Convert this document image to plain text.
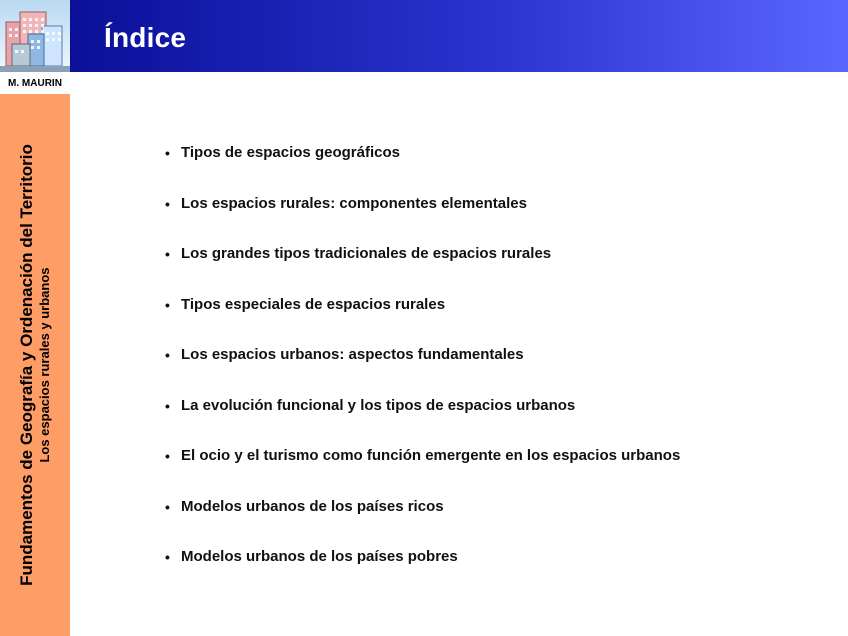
Índice
M. MAURIN
Fundamentos de Geografía y Ordenación del Territorio Los espacios rurales y urbanos
• Tipos de espacios geográficos
• Los espacios rurales: componentes elementales
• Los grandes tipos tradicionales de espacios rurales
• Tipos especiales de espacios rurales
• Los espacios urbanos: aspectos fundamentales
• La evolución funcional y los tipos de espacios urbanos
• El ocio y el turismo como función emergente en los espacios urbanos
• Modelos urbanos de los países ricos
• Modelos urbanos de los países pobres
